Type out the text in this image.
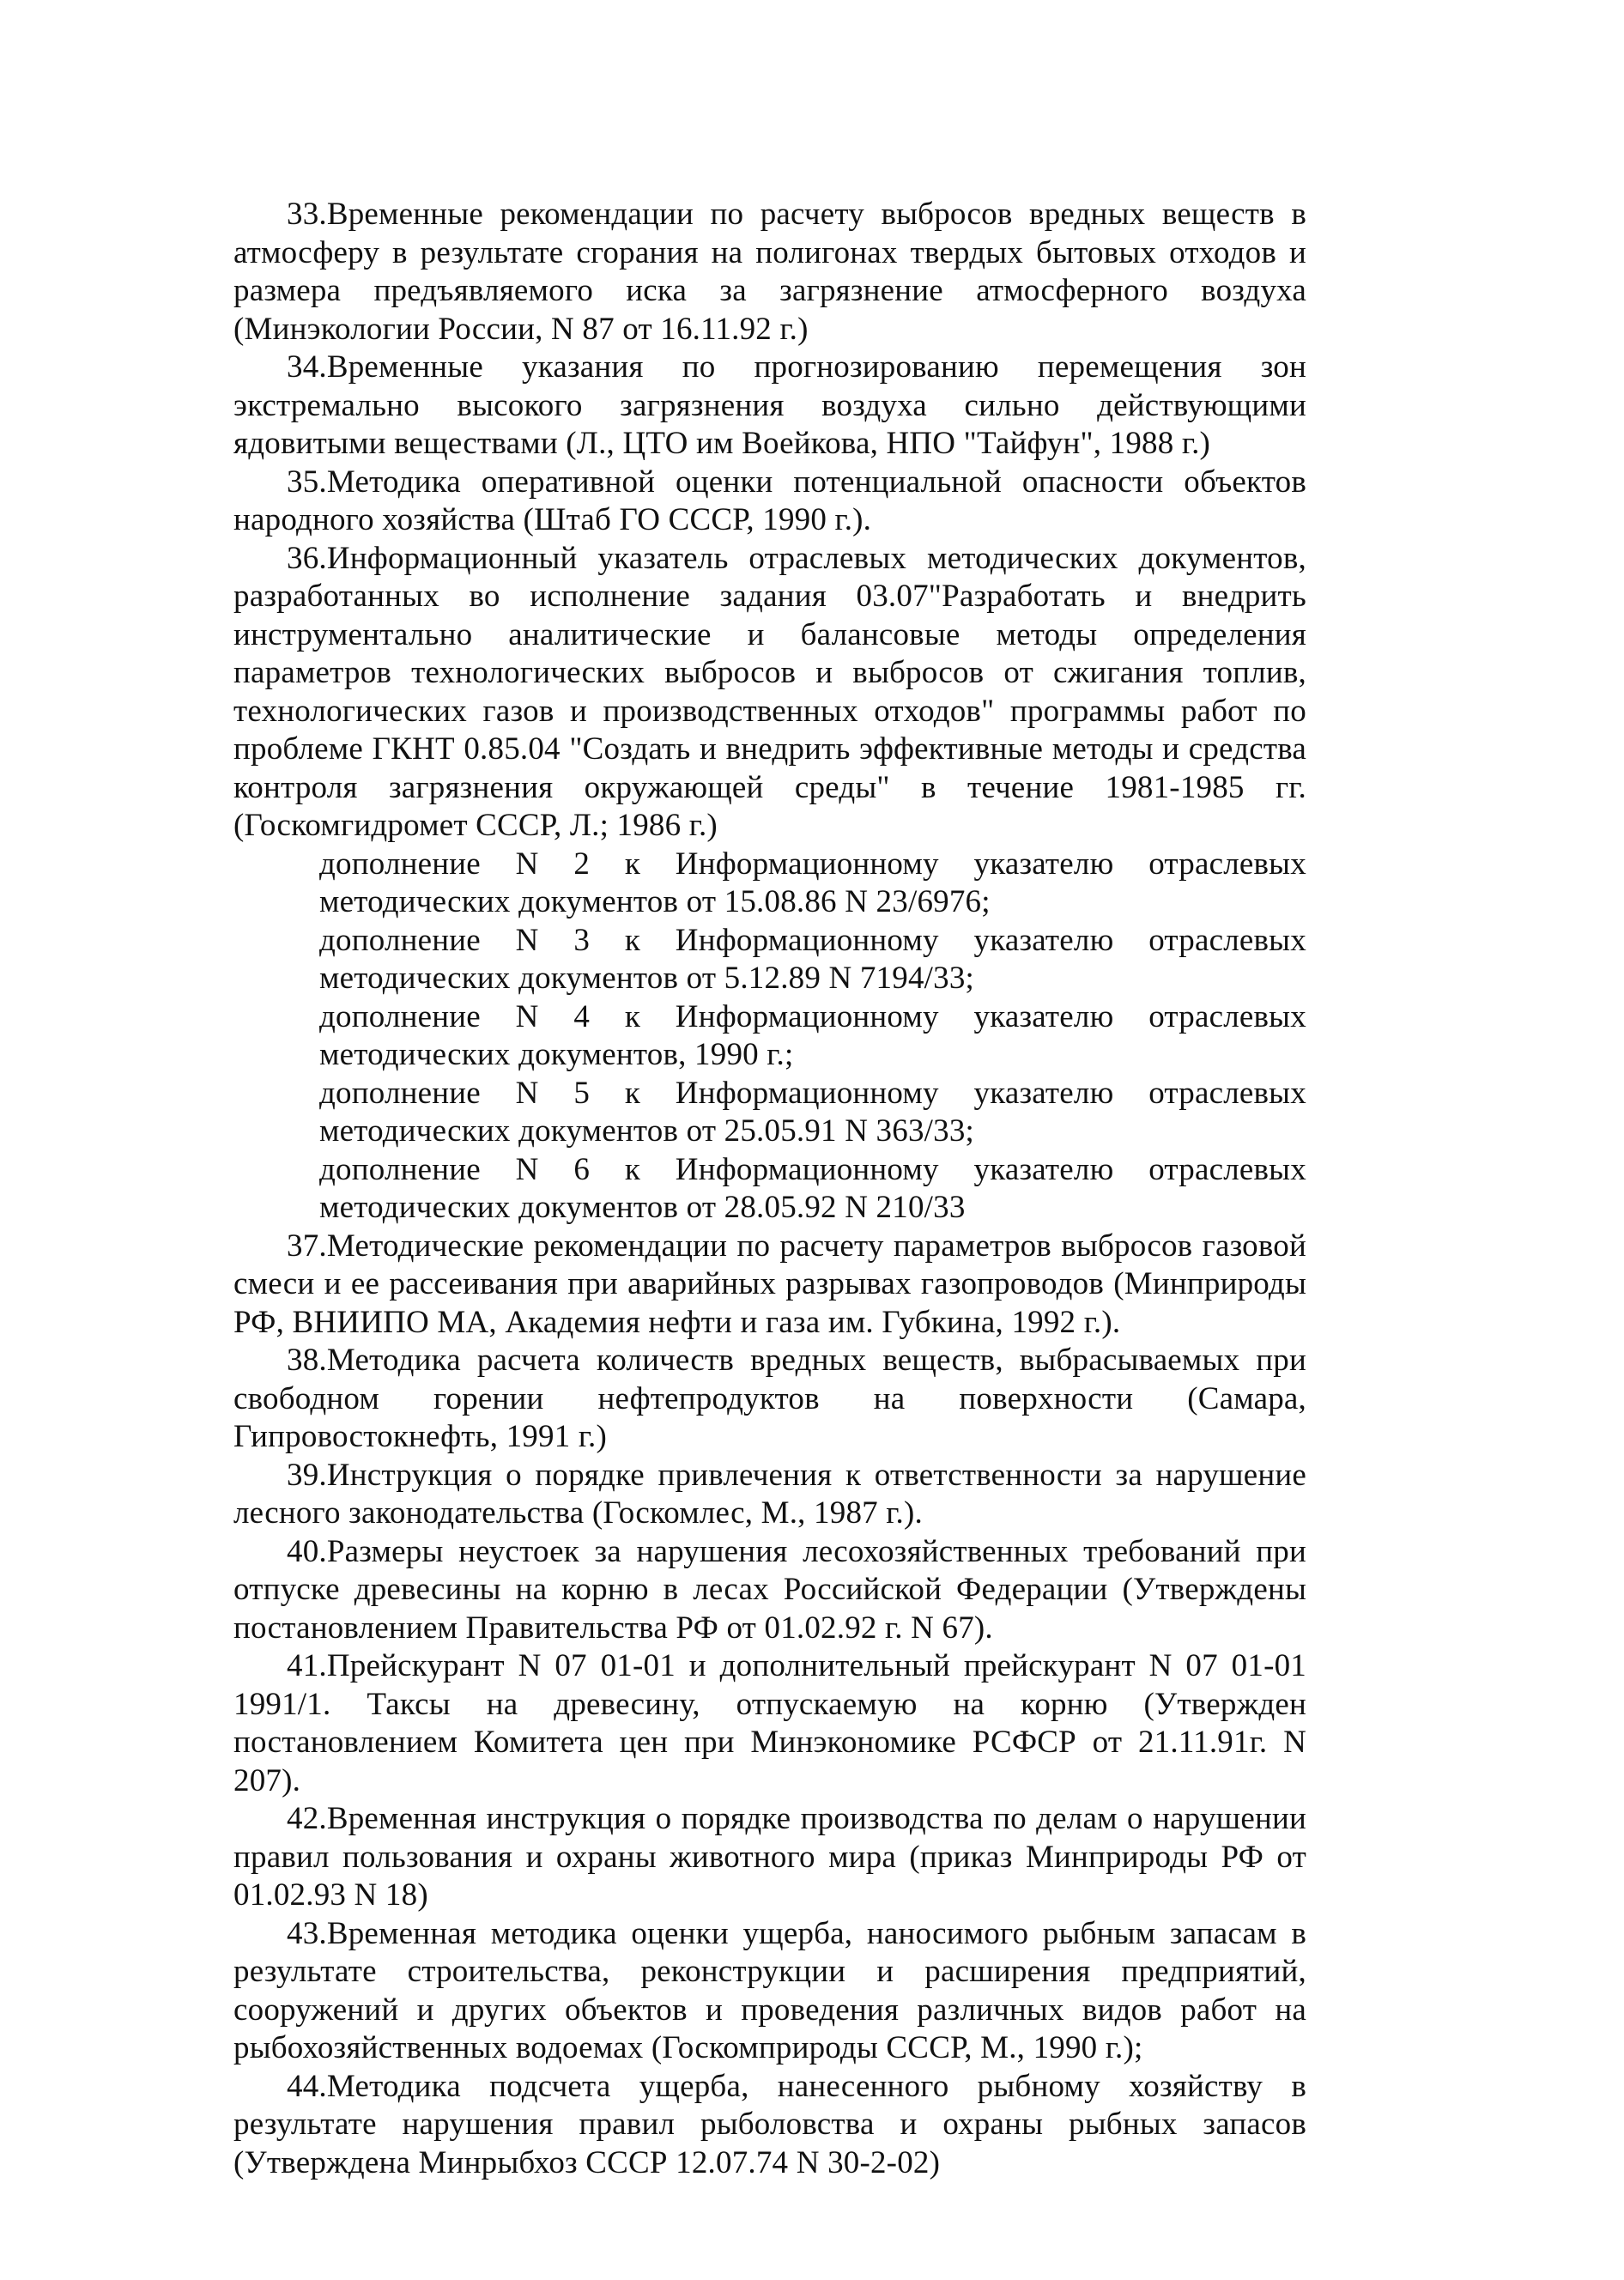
33.Временные рекомендации по расчету выбросов вредных веществ в атмосферу в результате сгорания на полигонах твердых бытовых отходов и размера предъявляемого иска за загрязнение атмосферного воздуха (Минэкологии России, N 87 от 16.11.92 г.)

34.Временные указания по прогнозированию перемещения зон экстремально высокого загрязнения воздуха сильно действующими ядовитыми веществами (Л., ЦТО им Воейкова, НПО "Тайфун", 1988 г.)

35.Методика оперативной оценки потенциальной опасности объектов народного хозяйства (Штаб ГО СССР, 1990 г.).

36.Информационный указатель отраслевых методических документов, разработанных во исполнение задания 03.07"Разработать и внедрить инструментально аналитические и балансовые методы определения параметров технологических выбросов и выбросов от сжигания топлив, технологических газов и производственных отходов" программы работ по проблеме ГКНТ 0.85.04 "Создать и внедрить эффективные методы и средства контроля загрязнения окружающей среды" в течение 1981-1985 гг. (Госкомгидромет СССР, Л.; 1986 г.)

дополнение N 2 к Информационному указателю отраслевых
методических документов от 15.08.86 N 23/6976;
дополнение N 3 к Информационному указателю отраслевых
методических документов от 5.12.89 N 7194/33;
дополнение N 4 к Информационному указателю отраслевых
методических документов, 1990 г.;
дополнение N 5 к Информационному указателю отраслевых
методических документов от 25.05.91 N 363/33;
дополнение N 6 к Информационному указателю отраслевых
методических документов от 28.05.92 N 210/33

37.Методические рекомендации по расчету параметров выбросов газовой смеси и ее рассеивания при аварийных разрывах газопроводов (Минприроды РФ, ВНИИПО МА, Академия нефти и газа им. Губкина, 1992 г.).

38.Методика расчета количеств вредных веществ, выбрасываемых при свободном горении нефтепродуктов на поверхности (Самара, Гипровостокнефть, 1991 г.)

39.Инструкция о порядке привлечения к ответственности за нарушение лесного законодательства (Госкомлес, М., 1987 г.).

40.Размеры неустоек за нарушения лесохозяйственных требований при отпуске древесины на корню в лесах Российской Федерации (Утверждены постановлением Правительства РФ от 01.02.92 г. N 67).

41.Прейскурант N 07 01-01 и дополнительный прейскурант N 07 01-01 1991/1. Таксы на древесину, отпускаемую на корню (Утвержден постановлением Комитета цен при Минэкономике РСФСР от 21.11.91г. N 207).

42.Временная инструкция о порядке производства по делам о нарушении правил пользования и охраны животного мира (приказ Минприроды РФ от 01.02.93 N 18)

43.Временная методика оценки ущерба, наносимого рыбным запасам в результате строительства, реконструкции и расширения предприятий, сооружений и других объектов и проведения различных видов работ на рыбохозяйственных водоемах (Госкомприроды СССР, М., 1990 г.);

44.Методика подсчета ущерба, нанесенного рыбному хозяйству в результате нарушения правил рыболовства и охраны рыбных запасов (Утверждена Минрыбхоз СССР 12.07.74 N 30-2-02)
